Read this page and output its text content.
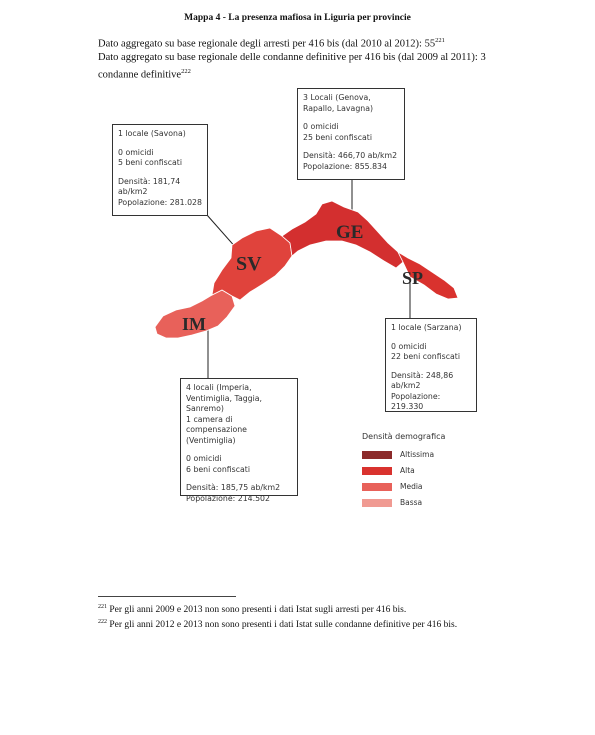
Mappa 4 - La presenza mafiosa in Liguria per provincie
Dato aggregato su base regionale degli arresti per 416 bis (dal 2010 al 2012): $55^{221}$
Dato aggregato su base regionale delle condanne definitive per 416 bis (dal 2009 al 2011): 3 condanne definitive$^{222}$
SV
GE
SP
IM
1 locale (Savona)
0 omicidi
5 beni confiscati
Densità: 181,74 ab/km2
Popolazione: 281.028
3 Locali (Genova, Rapallo, Lavagna)
0 omicidi
25 beni confiscati
Densità: 466,70 ab/km2
Popolazione: 855.834
1 locale (Sarzana)
0 omicidi
22 beni confiscati
Densità: 248,86 ab/km2
Popolazione: 219.330
4 locali (Imperia, Ventimiglia, Taggia, Sanremo)
1 camera di compensazione (Ventimiglia)
0 omicidi
6 beni confiscati
Densità: 185,75 ab/km2
Popolazione: 214.502
Densità demografica
Altissima
Alta
Media
Bassa
$^{221}$ Per gli anni 2009 e 2013 non sono presenti i dati Istat sugli arresti per 416 bis.
$^{222}$ Per gli anni 2012 e 2013 non sono presenti i dati Istat sulle condanne definitive per 416 bis.
